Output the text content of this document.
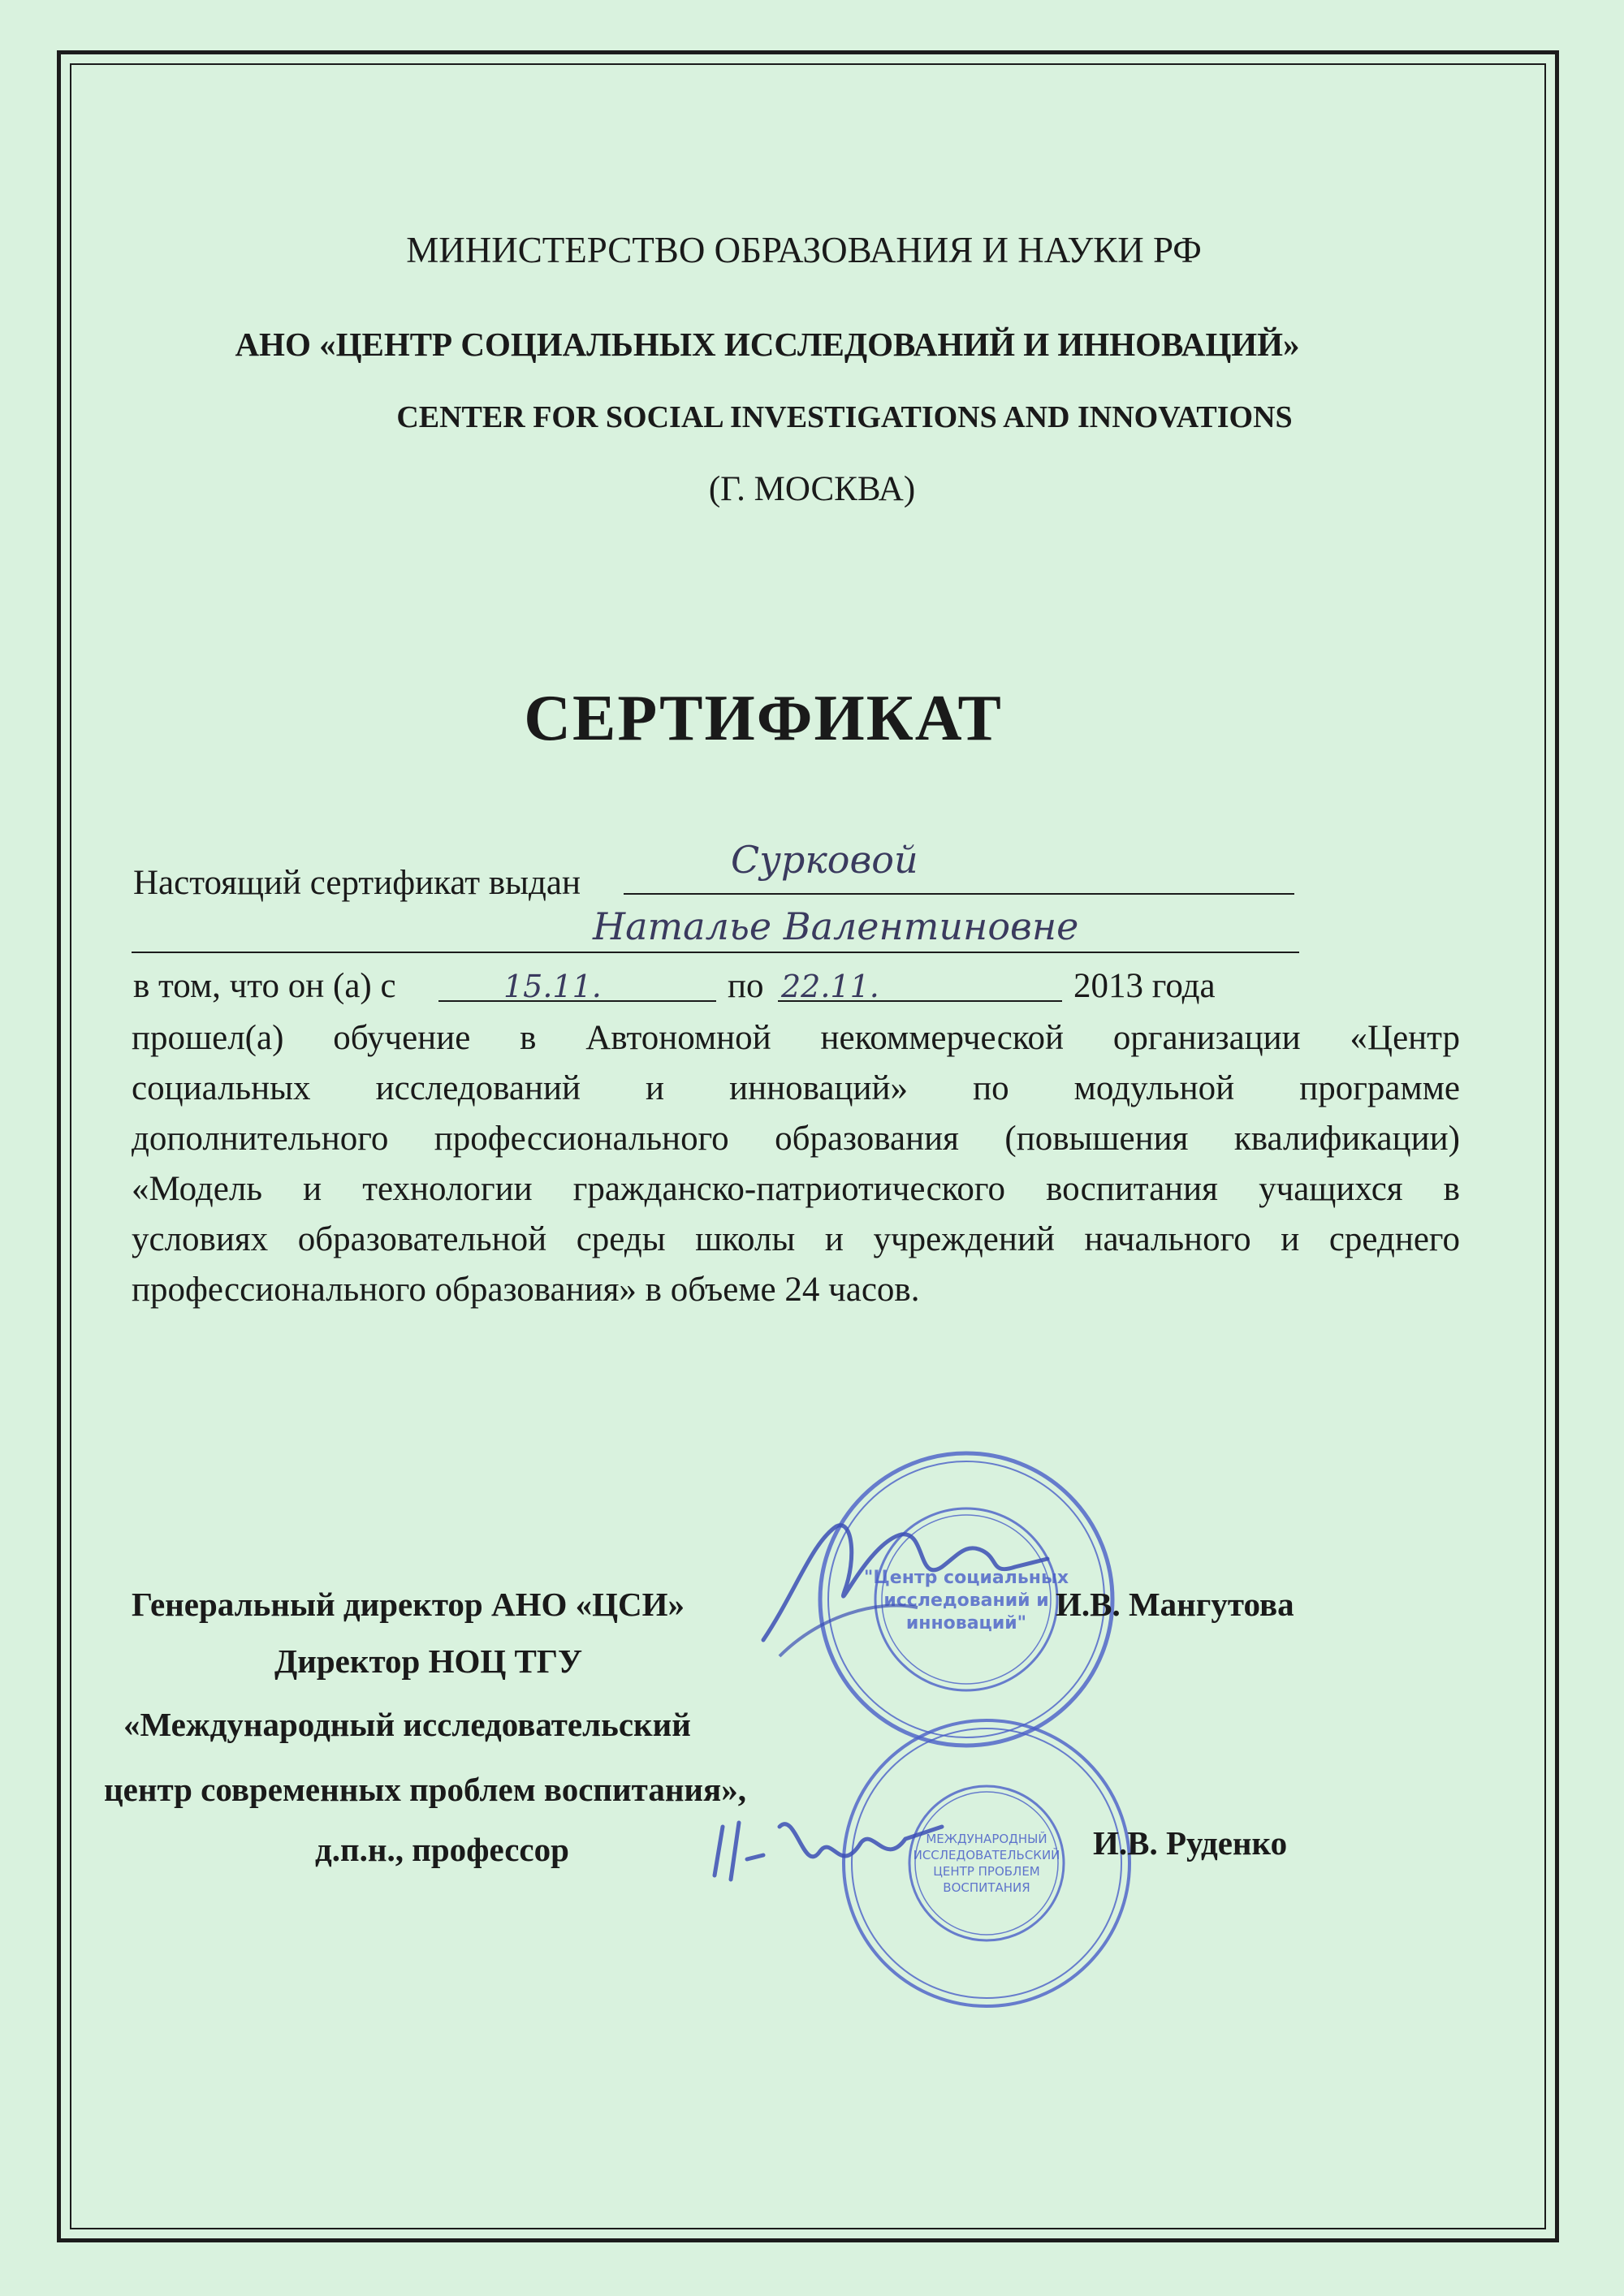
МИНИСТЕРСТВО ОБРАЗОВАНИЯ И НАУКИ РФ
АНО «ЦЕНТР СОЦИАЛЬНЫХ ИССЛЕДОВАНИЙ И ИННОВАЦИЙ»
CENTER FOR SOCIAL INVESTIGATIONS AND INNOVATIONS
(Г. МОСКВА)
СЕРТИФИКАТ
Настоящий сертификат выдан
Сурковой
Наталье Валентиновне
в том, что он (а) с	15.11.	по 22.11.	2013 года
прошел(а) обучение в Автономной некоммерческой организации «Центр
социальных исследований и инноваций» по модульной программе
дополнительного профессионального образования (повышения квалификации)
«Модель и технологии гражданско-патриотического воспитания учащихся в
условиях образовательной среды школы и учреждений начального и среднего
профессионального образования» в объеме 24 часов.
"Центр социальных
исследований и
инноваций"
МЕЖДУНАРОДНЫЙ
ИССЛЕДОВАТЕЛЬСКИЙ
ЦЕНТР ПРОБЛЕМ
ВОСПИТАНИЯ
Генеральный директор АНО «ЦСИ»	И.В. Мангутова
Директор НОЦ ТГУ
«Международный исследовательский
центр современных проблем воспитания»,
д.п.н., профессор	И.В. Руденко
